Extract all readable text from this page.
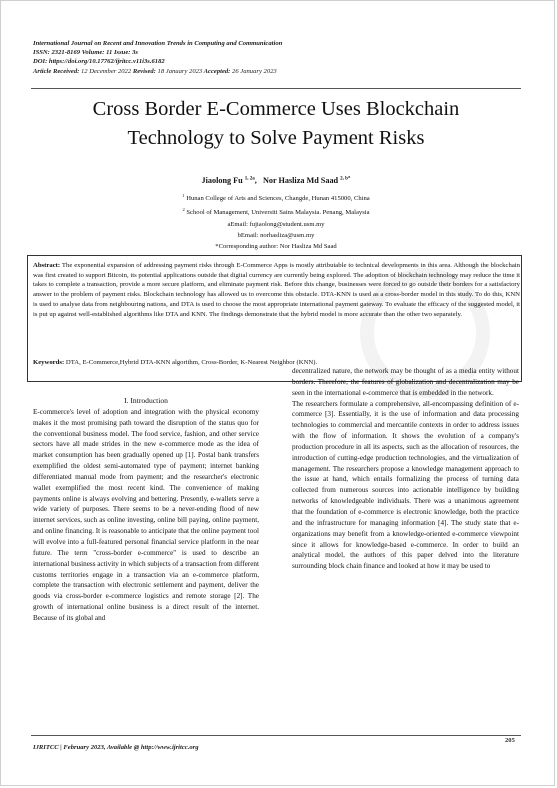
International Journal on Recent and Innovation Trends in Computing and Communication
ISSN: 2321-8169 Volume: 11 Issue: 3s
DOI: https://doi.org/10.17762/ijritcc.v11i3s.6182
Article Received: 12 December 2022 Revised: 18 January 2023 Accepted: 26 January 2023
Cross Border E-Commerce Uses Blockchain
Technology to Solve Payment Risks
Jiaolong Fu $^{1, 2a}$, Nor Hasliza Md Saad $^{2, b*}$
$^1$ Hunan College of Arts and Sciences, Changde, Hunan 415000, China
$^2$ School of Management, Universiti Sains Malaysia. Penang, Malaysia
aEmail: fujiaolong@student.usm.my
bEmail: norhasliza@usm.my
*Corresponding author: Nor Hasliza Md Saad
Abstract: The exponential expansion of addressing payment risks through E-Commerce Apps is mostly attributable to technical developments in this area. Although the blockchain was first created to support Bitcoin, its potential applications outside that digital currency are currently being explored. The adoption of blockchain technology may reduce the time it takes to complete a transaction, provide a more secure platform, and eliminate payment risk. Before this change, businesses were forced to go outside their borders for a satisfactory answer to the problem of payment risks. Blockchain technology has allowed us to overcome this obstacle. DTA-KNN is used as a cross-border model in this study. To do this, KNN is used to analyse data from neighbouring nations, and DTA is used to choose the most appropriate international payment gateway. To evaluate the efficacy of the suggested model, it is put up against well-established algorithms like DTA and KNN. The findings demonstrate that the hybrid model is more accurate than the other two separately.
Keywords: DTA, E-Commerce,Hybrid DTA-KNN algorithm, Cross-Border, K-Nearest Neighbor (KNN).
I. Introduction

E-commerce's level of adoption and integration with the physical economy makes it the most promising path toward the disruption of the status quo for the conventional business model. The food service, fashion, and other service sectors have all made strides in the new e-commerce mode as the idea of market consumption has been gradually opened up [1]. Postal bank transfers exemplified the oldest semi-automated type of payment; internet banking differentiated manual mode from payment; and the researcher's electronic wallet exemplified the most recent kind. The convenience of making payments online is always evolving and bettering. Presently, e-wallets serve a wide variety of purposes. There seems to be a never-ending flood of new internet services, such as online investing, online bill paying, online payment, and online financing. It is reasonable to anticipate that the online payment tool will evolve into a full-featured personal financial service platform in the near future. The term "cross-border e-commerce" is used to describe an international business activity in which subjects of a transaction from different customs territories engage in a transaction via an e-commerce platform, complete the transaction with electronic settlement and payment, deliver the goods via cross-border e-commerce logistics and remote storage [2]. The growth of international online business is a direct result of the internet. Because of its global and

decentralized nature, the network may be thought of as a media entity without borders. Therefore, the features of globalization and decentralization may be seen in the international e-commerce that is embedded in the network.

The researchers formulate a comprehensive, all-encompassing definition of e-commerce [3]. Essentially, it is the use of information and data processing technologies to commercial and mercantile contexts in order to address issues with the flow of information. It shows the evolution of a company's production procedure in all its aspects, such as the allocation of resources, the introduction of cutting-edge production technologies, and the virtualization of management. The researchers propose a knowledge management approach to the issue at hand, which entails formalizing the process of turning data collected from numerous sources into actionable intelligence by building networks of knowledgeable individuals. There was a unanimous agreement that the foundation of e-commerce is electronic knowledge, both the practice and the infrastructure for managing information [4]. The study state that e-organizations may benefit from a knowledge-oriented e-commerce viewpoint since it allows for knowledge-based e-commerce. In order to build an analytical model, the authors of this paper delved into the literature surrounding block chain finance and looked at how it may be used to

205
IJRITCC | February 2023, Available @ http://www.ijritcc.org
